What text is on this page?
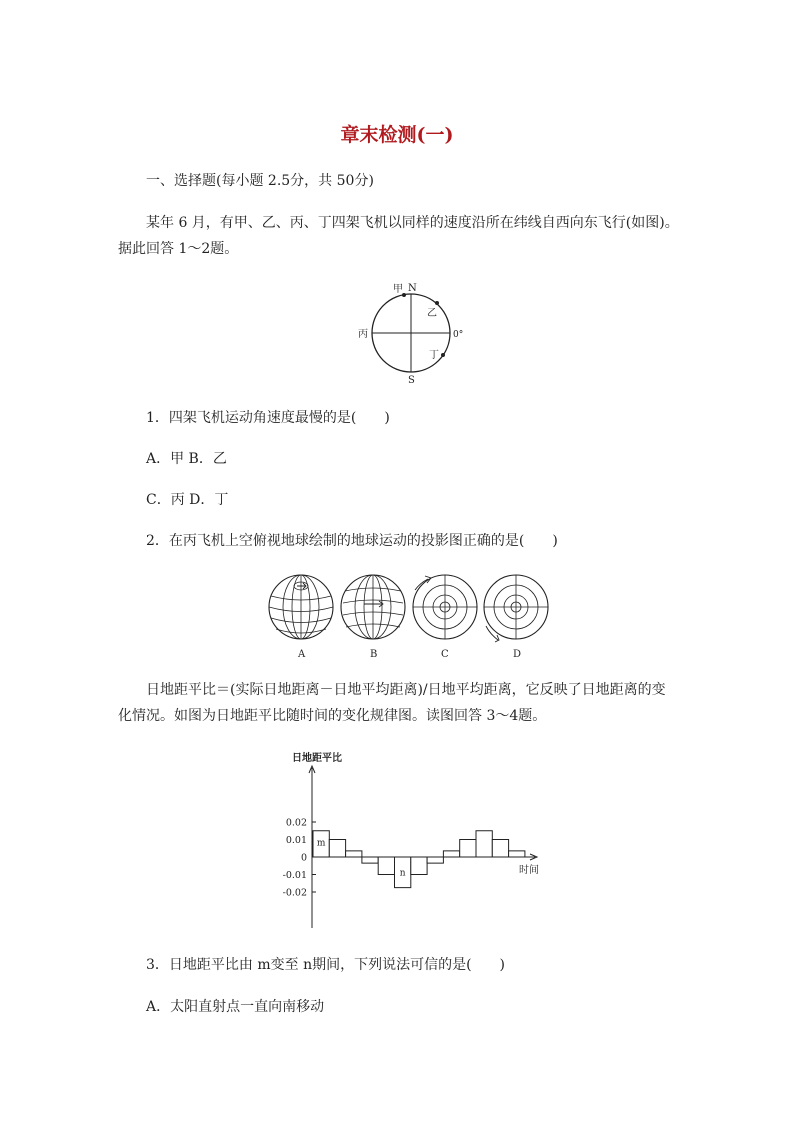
章末检测(一)
一、选择题(每小题 2.5分，共 50分)
某年 6 月，有甲、乙、丙、丁四架飞机以同样的速度沿所在纬线自西向东飞行(如图)。
据此回答 1～2题。
N
S
甲
乙
丙
丁
0°
1．四架飞机运动角速度最慢的是(　　)
A．甲 B．乙
C．丙 D．丁
2．在丙飞机上空俯视地球绘制的地球运动的投影图正确的是(　　)
A	B	C	D
日地距平比＝(实际日地距离－日地平均距离)/日地平均距离，它反映了日地距离的变
化情况。如图为日地距平比随时间的变化规律图。读图回答 3～4题。
日地距平比
时间
0.02
0.01
0
-0.01
-0.02
m
n
3．日地距平比由 m变至 n期间，下列说法可信的是(　　)
A．太阳直射点一直向南移动
